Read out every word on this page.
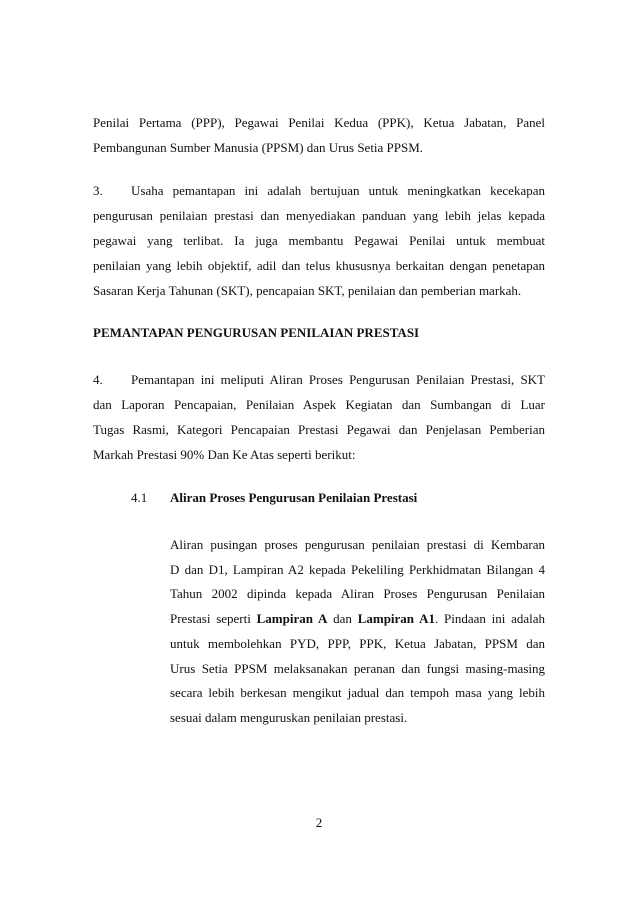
Penilai Pertama (PPP), Pegawai Penilai Kedua (PPK), Ketua Jabatan, Panel
Pembangunan Sumber Manusia (PPSM) dan Urus Setia PPSM.
3. Usaha pemantapan ini adalah bertujuan untuk meningkatkan kecekapan
pengurusan penilaian prestasi dan menyediakan panduan yang lebih jelas kepada
pegawai yang terlibat. Ia juga membantu Pegawai Penilai untuk membuat
penilaian yang lebih objektif, adil dan telus khususnya berkaitan dengan penetapan
Sasaran Kerja Tahunan (SKT), pencapaian SKT, penilaian dan pemberian markah.

PEMANTAPAN PENGURUSAN PENILAIAN PRESTASI

4. Pemantapan ini meliputi Aliran Proses Pengurusan Penilaian Prestasi, SKT
dan Laporan Pencapaian, Penilaian Aspek Kegiatan dan Sumbangan di Luar
Tugas Rasmi, Kategori Pencapaian Prestasi Pegawai dan Penjelasan Pemberian
Markah Prestasi 90% Dan Ke Atas seperti berikut:

4.1 Aliran Proses Pengurusan Penilaian Prestasi

Aliran pusingan proses pengurusan penilaian prestasi di Kembaran
D dan D1, Lampiran A2 kepada Pekeliling Perkhidmatan Bilangan 4
Tahun 2002 dipinda kepada Aliran Proses Pengurusan Penilaian
Prestasi seperti Lampiran A dan Lampiran A1. Pindaan ini adalah
untuk membolehkan PYD, PPP, PPK, Ketua Jabatan, PPSM dan
Urus Setia PPSM melaksanakan peranan dan fungsi masing-masing
secara lebih berkesan mengikut jadual dan tempoh masa yang lebih
sesuai dalam menguruskan penilaian prestasi.

2
